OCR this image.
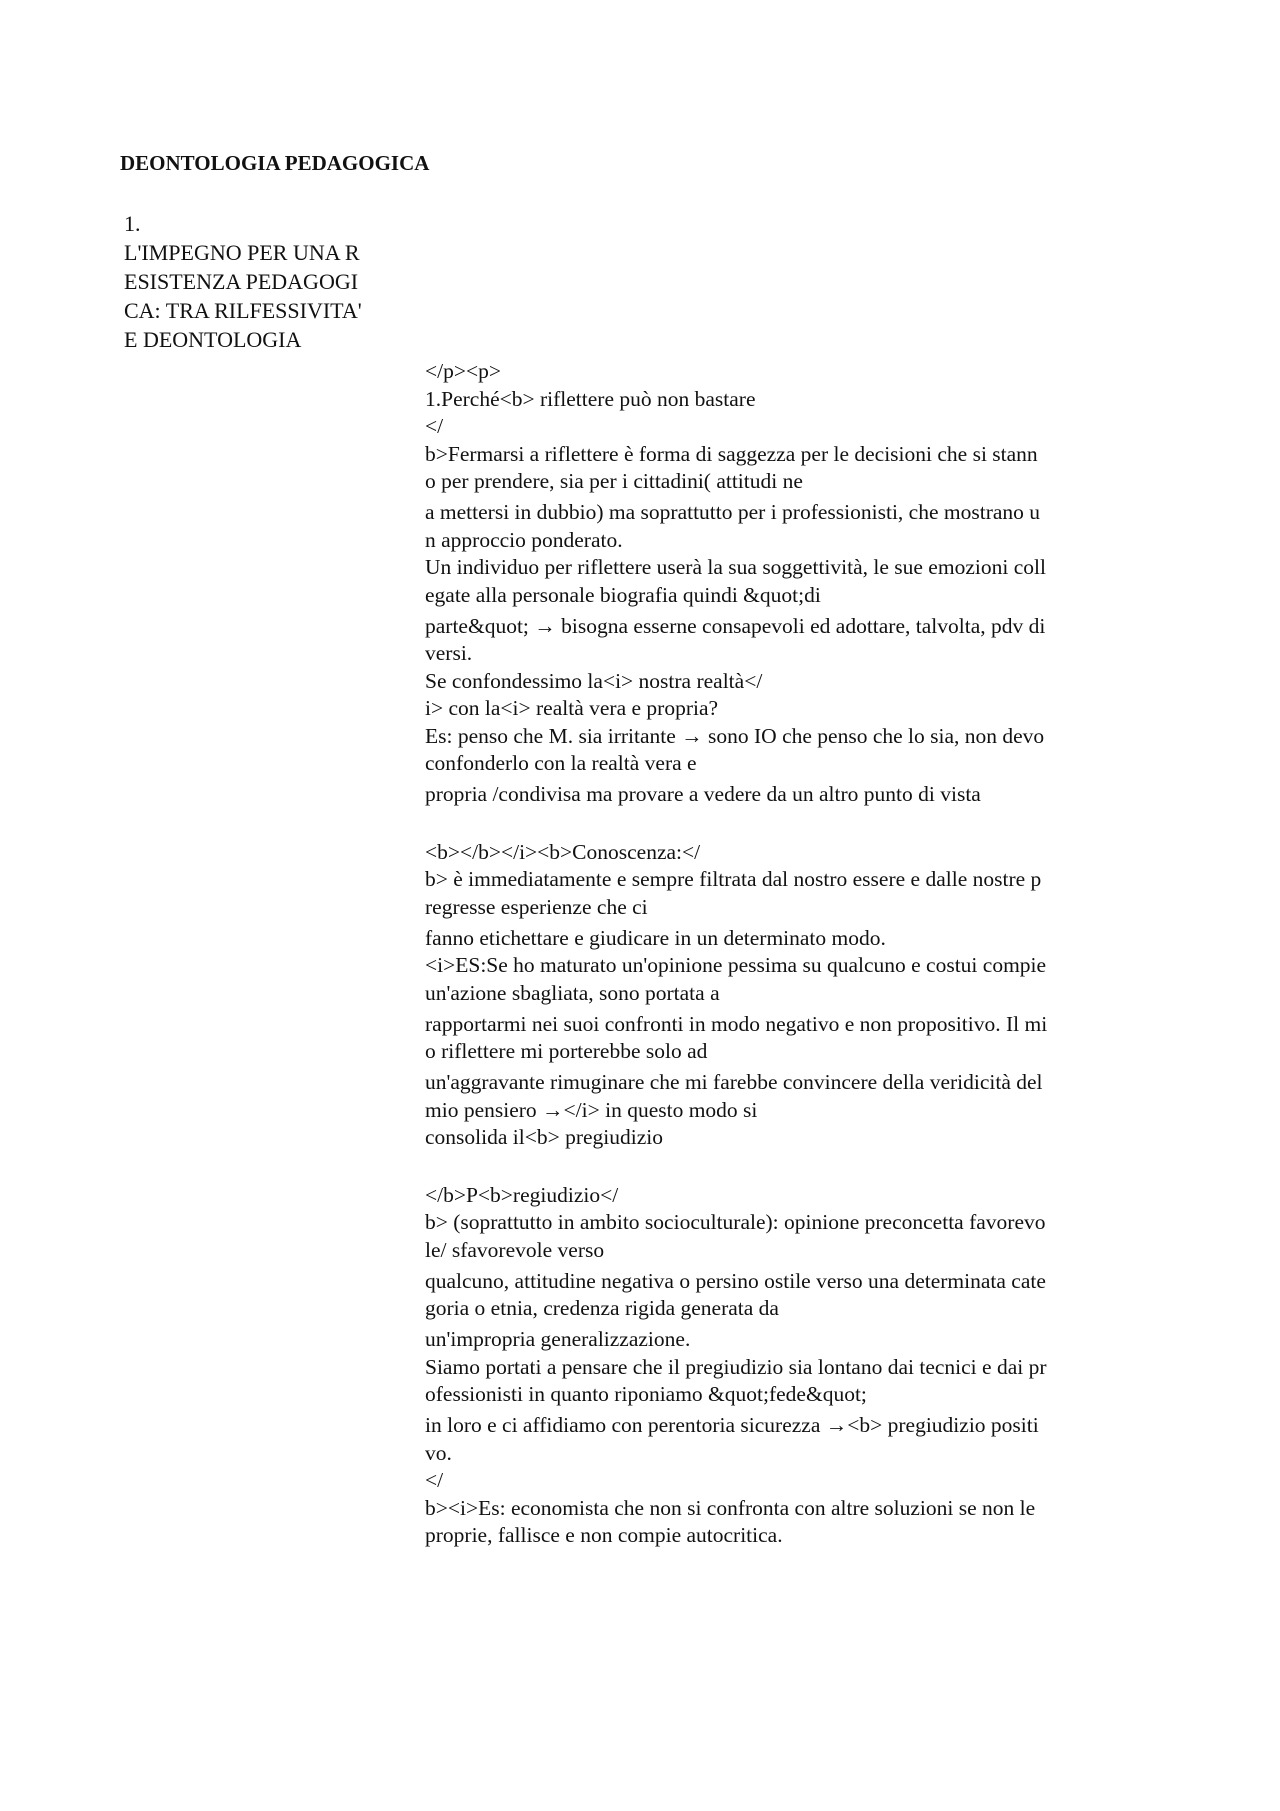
DEONTOLOGIA PEDAGOGICA
1.
L'IMPEGNO PER UNA R
ESISTENZA PEDAGOGI
CA: TRA RILFESSIVITA'
E DEONTOLOGIA
</p><p>
1.Perché<b> riflettere può non bastare
</
b>Fermarsi a riflettere è forma di saggezza per le decisioni che si stann
o per prendere, sia per i cittadini( attitudi ne
a mettersi in dubbio) ma soprattutto per i professionisti, che mostrano u
n approccio ponderato.
Un individuo per riflettere userà la sua soggettività, le sue emozioni coll
egate alla personale biografia quindi &quot;di
parte&quot; → bisogna esserne consapevoli ed adottare, talvolta, pdv di
versi.
Se confondessimo la<i> nostra realtà</
i> con la<i> realtà vera e propria?
Es: penso che M. sia irritante → sono IO che penso che lo sia, non devo
confonderlo con la realtà vera e
propria /condivisa ma provare a vedere da un altro punto di vista
<b></b></i><b>Conoscenza:</
b> è immediatamente e sempre filtrata dal nostro essere e dalle nostre p
regresse esperienze che ci
fanno etichettare e giudicare in un determinato modo.
<i>ES:Se ho maturato un'opinione pessima su qualcuno e costui compie
un'azione sbagliata, sono portata a
rapportarmi nei suoi confronti in modo negativo e non propositivo. Il mi
o riflettere mi porterebbe solo ad
un'aggravante rimuginare che mi farebbe convincere della veridicità del
mio pensiero →</i> in questo modo si
consolida il<b> pregiudizio
</b>P<b>regiudizio</
b> (soprattutto in ambito socioculturale): opinione preconcetta favorevo
le/ sfavorevole verso
qualcuno, attitudine negativa o persino ostile verso una determinata cate
goria o etnia, credenza rigida generata da
un'impropria generalizzazione.
Siamo portati a pensare che il pregiudizio sia lontano dai tecnici e dai pr
ofessionisti in quanto riponiamo &quot;fede&quot;
in loro e ci affidiamo con perentoria sicurezza →<b> pregiudizio positi
vo.
</
b><i>Es: economista che non si confronta con altre soluzioni se non le
proprie, fallisce e non compie autocritica.
